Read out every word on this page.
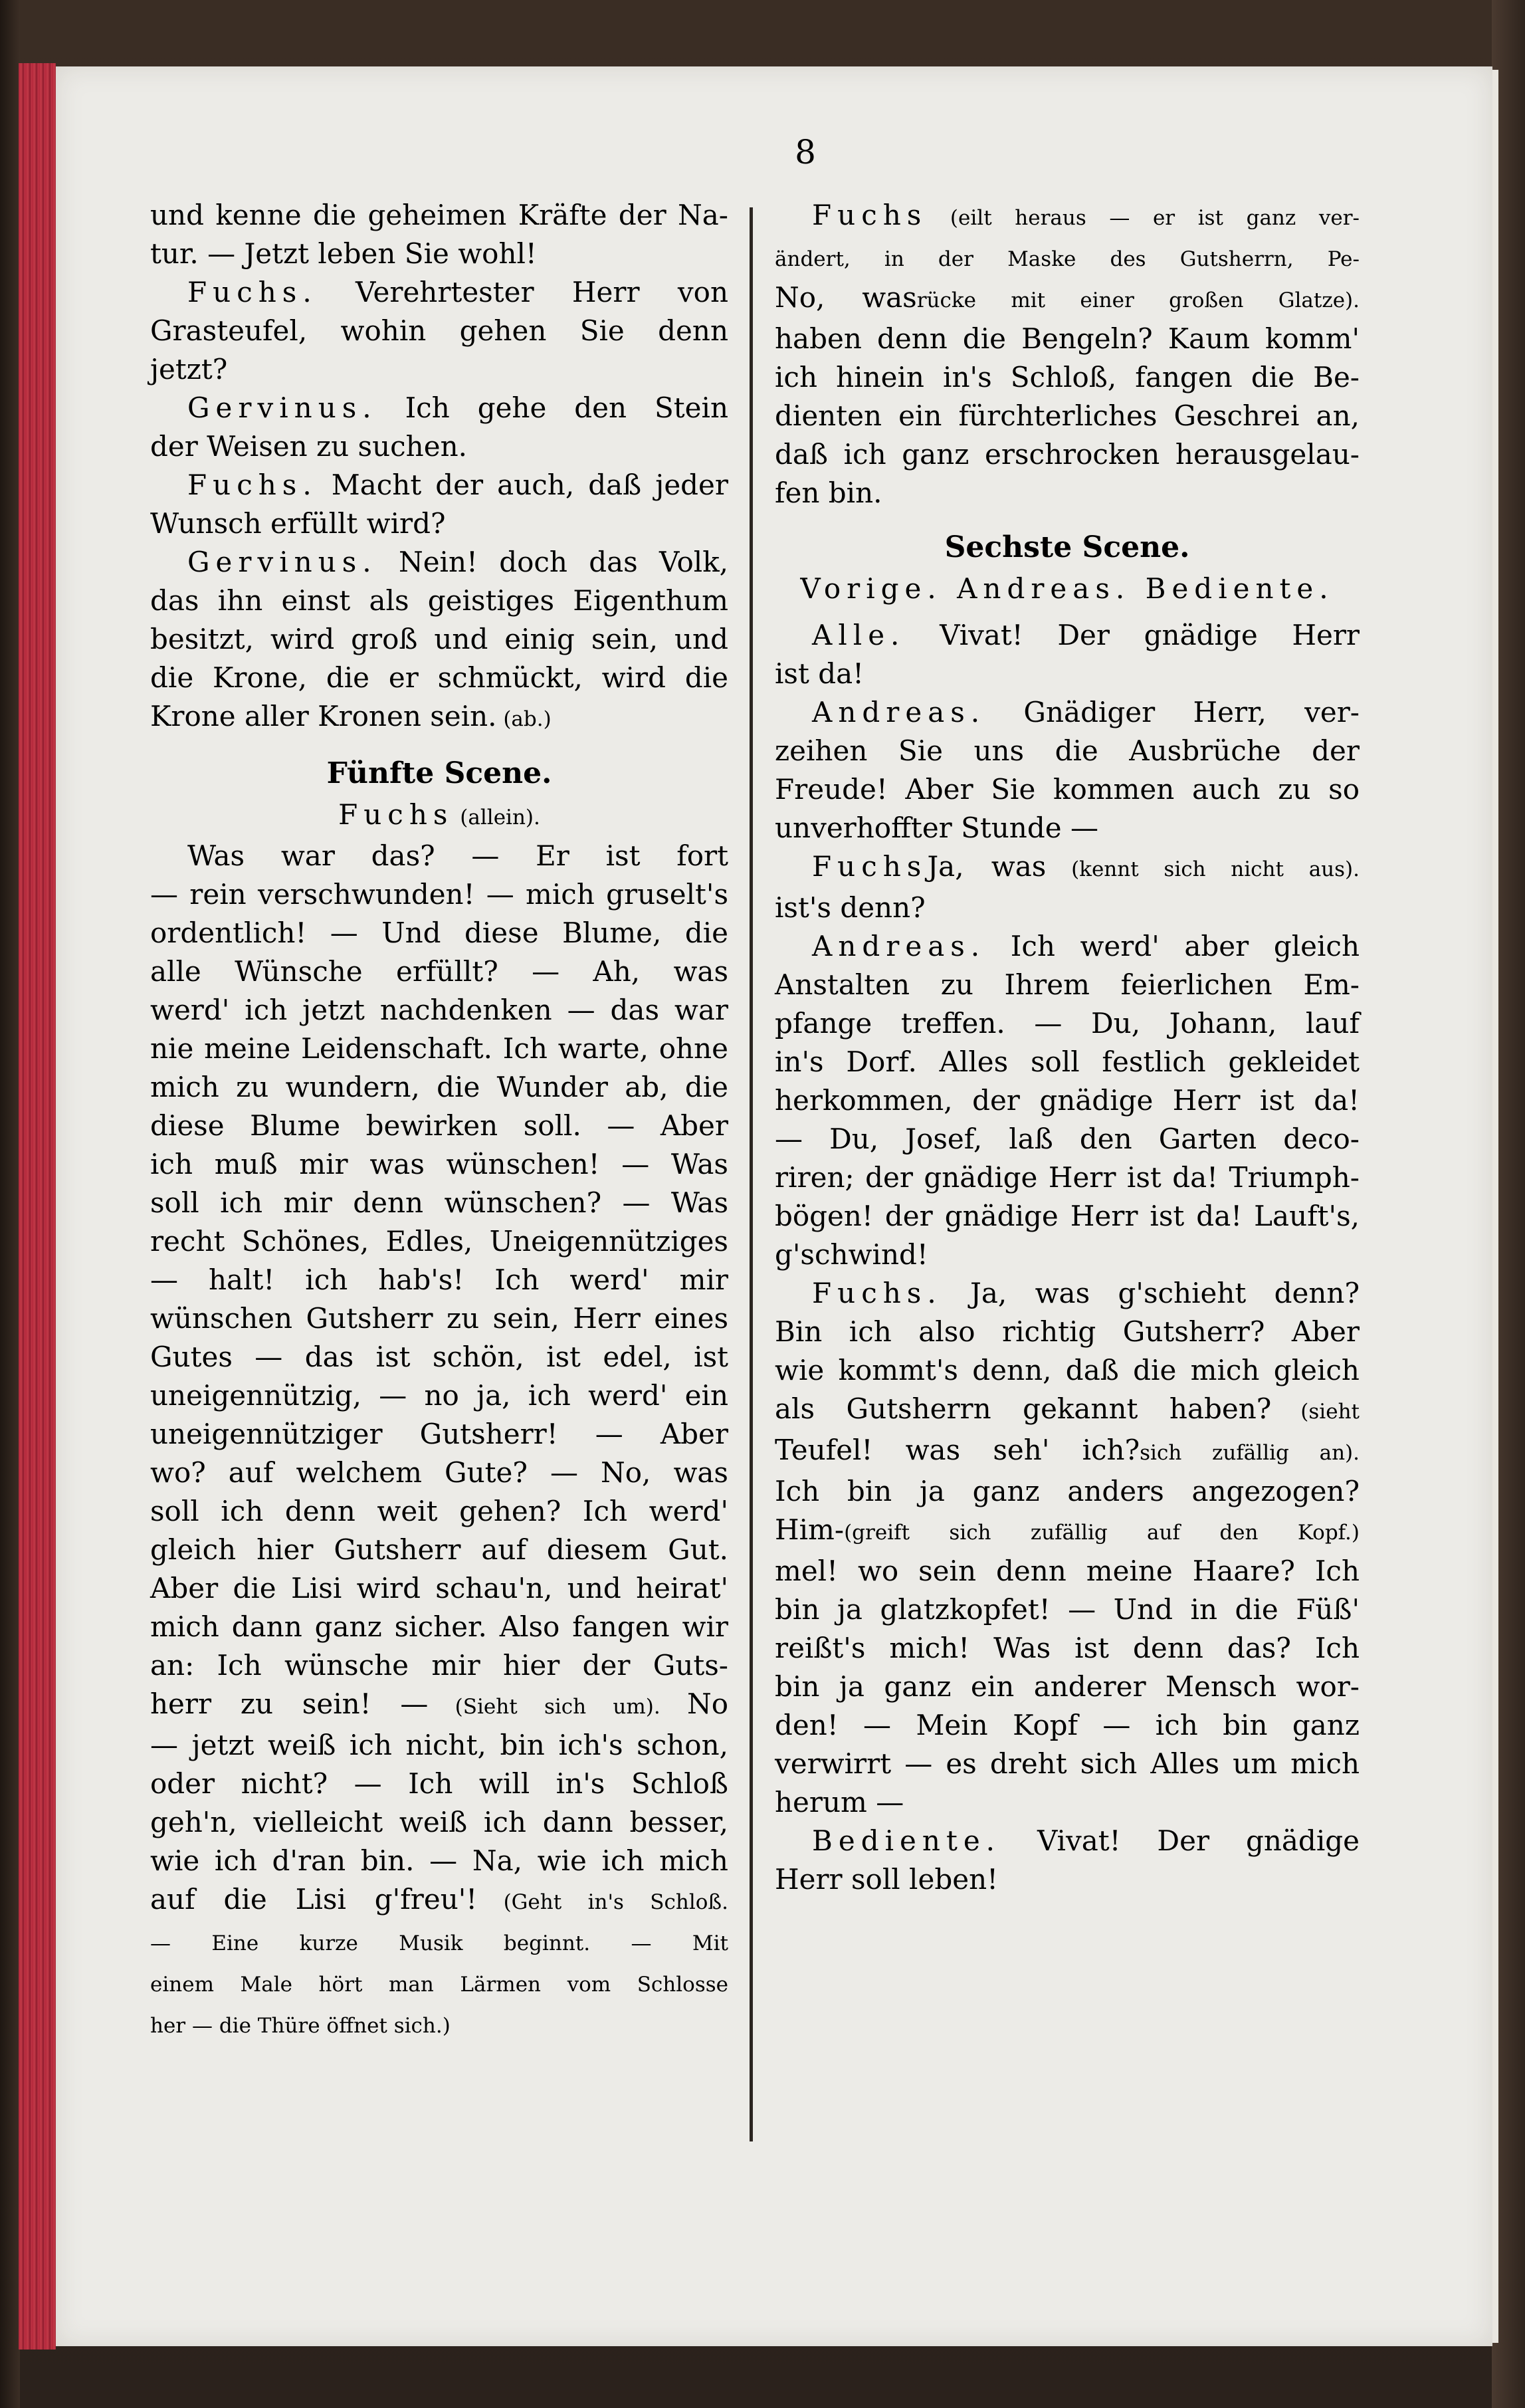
8

und kenne die geheimen Kräfte der Na-

tur. — Jetzt leben Sie wohl!

Fuchs. Verehrtester Herr von

Grasteufel, wohin gehen Sie denn

jetzt?

Gervinus. Ich gehe den Stein

der Weisen zu suchen.

Fuchs. Macht der auch, daß jeder

Wunsch erfüllt wird?

Gervinus. Nein! doch das Volk,

das ihn einst als geistiges Eigenthum

besitzt, wird groß und einig sein, und

die Krone, die er schmückt, wird die

Krone aller Kronen sein. (ab.)

Fünfte Scene.

Fuchs (allein).

Was war das? — Er ist fort

— rein verschwunden! — mich gruselt's

ordentlich! — Und diese Blume, die

alle Wünsche erfüllt? — Ah, was

werd' ich jetzt nachdenken — das war

nie meine Leidenschaft. Ich warte, ohne

mich zu wundern, die Wunder ab, die

diese Blume bewirken soll. — Aber

ich muß mir was wünschen! — Was

soll ich mir denn wünschen? — Was

recht Schönes, Edles, Uneigennütziges

— halt! ich hab's! Ich werd' mir

wünschen Gutsherr zu sein, Herr eines

Gutes — das ist schön, ist edel, ist

uneigennützig, — no ja, ich werd' ein

uneigennütziger Gutsherr! — Aber

wo? auf welchem Gute? — No, was

soll ich denn weit gehen? Ich werd'

gleich hier Gutsherr auf diesem Gut.

Aber die Lisi wird schau'n, und heirat'

mich dann ganz sicher. Also fangen wir

an: Ich wünsche mir hier der Guts-

herr zu sein! — (Sieht sich um). No

— jetzt weiß ich nicht, bin ich's schon,

oder nicht? — Ich will in's Schloß

geh'n, vielleicht weiß ich dann besser,

wie ich d'ran bin. — Na, wie ich mich

auf die Lisi g'freu'! (Geht in's Schloß.

— Eine kurze Musik beginnt. — Mit

einem Male hört man Lärmen vom Schlosse

her — die Thüre öffnet sich.)

Fuchs (eilt heraus — er ist ganz ver-

ändert, in der Maske des Gutsherrn, Pe-

No, wasrücke mit einer großen Glatze).

haben denn die Bengeln? Kaum komm'

ich hinein in's Schloß, fangen die Be-

dienten ein fürchterliches Geschrei an,

daß ich ganz erschrocken herausgelau-

fen bin.

Sechste Scene.

Vorige. Andreas. Bediente.

Alle. Vivat! Der gnädige Herr

ist da!

Andreas. Gnädiger Herr, ver-

zeihen Sie uns die Ausbrüche der

Freude! Aber Sie kommen auch zu so

unverhoffter Stunde —

FuchsJa, was (kennt sich nicht aus).

ist's denn?

Andreas. Ich werd' aber gleich

Anstalten zu Ihrem feierlichen Em-

pfange treffen. — Du, Johann, lauf

in's Dorf. Alles soll festlich gekleidet

herkommen, der gnädige Herr ist da!

— Du, Josef, laß den Garten deco-

riren; der gnädige Herr ist da! Triumph-

bögen! der gnädige Herr ist da! Lauft's,

g'schwind!

Fuchs. Ja, was g'schieht denn?

Bin ich also richtig Gutsherr? Aber

wie kommt's denn, daß die mich gleich

als Gutsherrn gekannt haben? (sieht

Teufel! was seh' ich?sich zufällig an).

Ich bin ja ganz anders angezogen?

Him-(greift sich zufällig auf den Kopf.)

mel! wo sein denn meine Haare? Ich

bin ja glatzkopfet! — Und in die Füß'

reißt's mich! Was ist denn das? Ich

bin ja ganz ein anderer Mensch wor-

den! — Mein Kopf — ich bin ganz

verwirrt — es dreht sich Alles um mich

herum —

Bediente. Vivat! Der gnädige

Herr soll leben!
